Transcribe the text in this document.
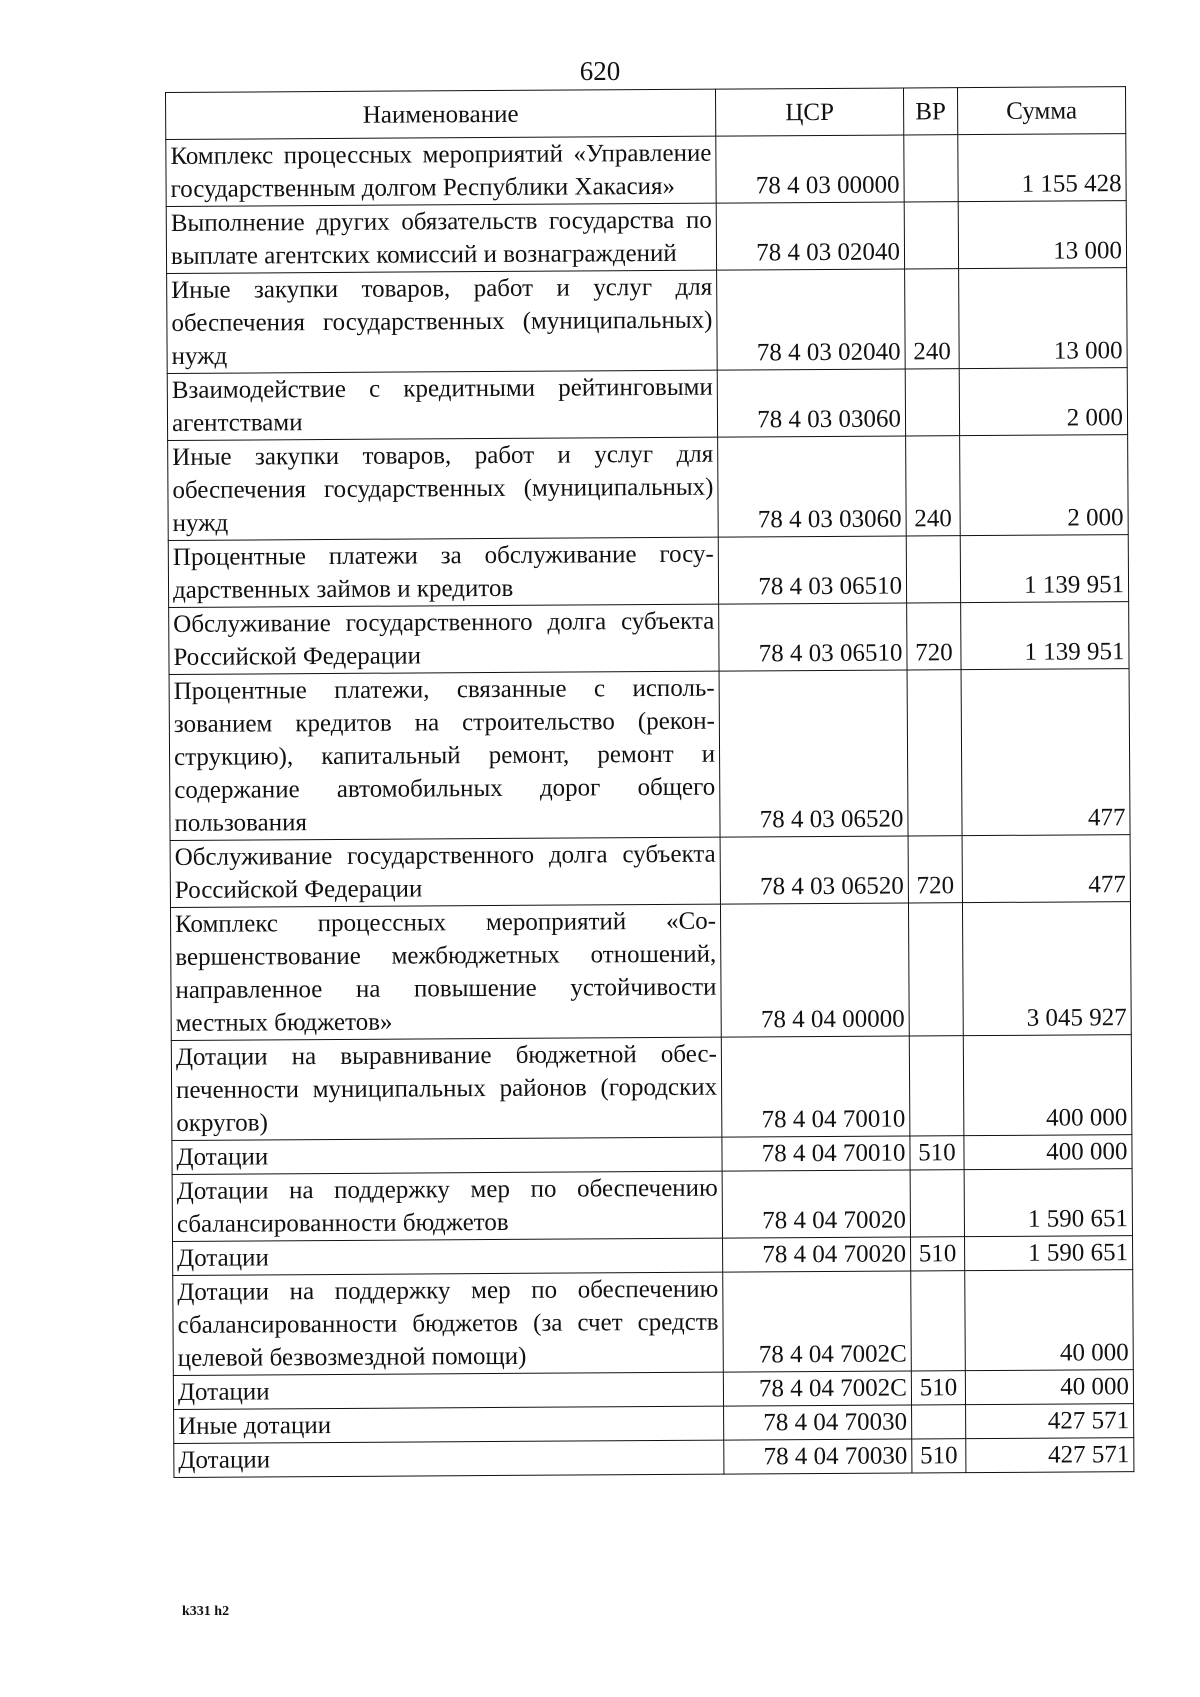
620
Наименование	ЦСР	ВР	Сумма
Комплекс процессных мероприятий «Управление государственным долгом Республики Хакасия»	78 4 03 00000		1 155 428
Выполнение других обязательств государства по выплате агентских комиссий и вознаграждений	78 4 03 02040		13 000
Иные закупки товаров, работ и услуг для обеспечения государственных (муниципальных) нужд	78 4 03 02040	240	13 000
Взаимодействие с кредитными рейтинговыми агентствами	78 4 03 03060		2 000
Иные закупки товаров, работ и услуг для обеспечения государственных (муниципальных) нужд	78 4 03 03060	240	2 000
Процентные платежи за обслуживание государственных займов и кредитов	78 4 03 06510		1 139 951
Обслуживание государственного долга субъекта Российской Федерации	78 4 03 06510	720	1 139 951
Процентные платежи, связанные с использованием кредитов на строительство (реконструкцию), капитальный ремонт, ремонт и содержание автомобильных дорог общего пользования	78 4 03 06520		477
Обслуживание государственного долга субъекта Российской Федерации	78 4 03 06520	720	477
Комплекс процессных мероприятий «Совершенствование межбюджетных отношений, направленное на повышение устойчивости местных бюджетов»	78 4 04 00000		3 045 927
Дотации на выравнивание бюджетной обеспеченности муниципальных районов (городских округов)	78 4 04 70010		400 000
Дотации	78 4 04 70010	510	400 000
Дотации на поддержку мер по обеспечению сбалансированности бюджетов	78 4 04 70020		1 590 651
Дотации	78 4 04 70020	510	1 590 651
Дотации на поддержку мер по обеспечению сбалансированности бюджетов (за счет средств целевой безвозмездной помощи)	78 4 04 7002С		40 000
Дотации	78 4 04 7002С	510	40 000
Иные дотации	78 4 04 70030		427 571
Дотации	78 4 04 70030	510	427 571
k331 h2
